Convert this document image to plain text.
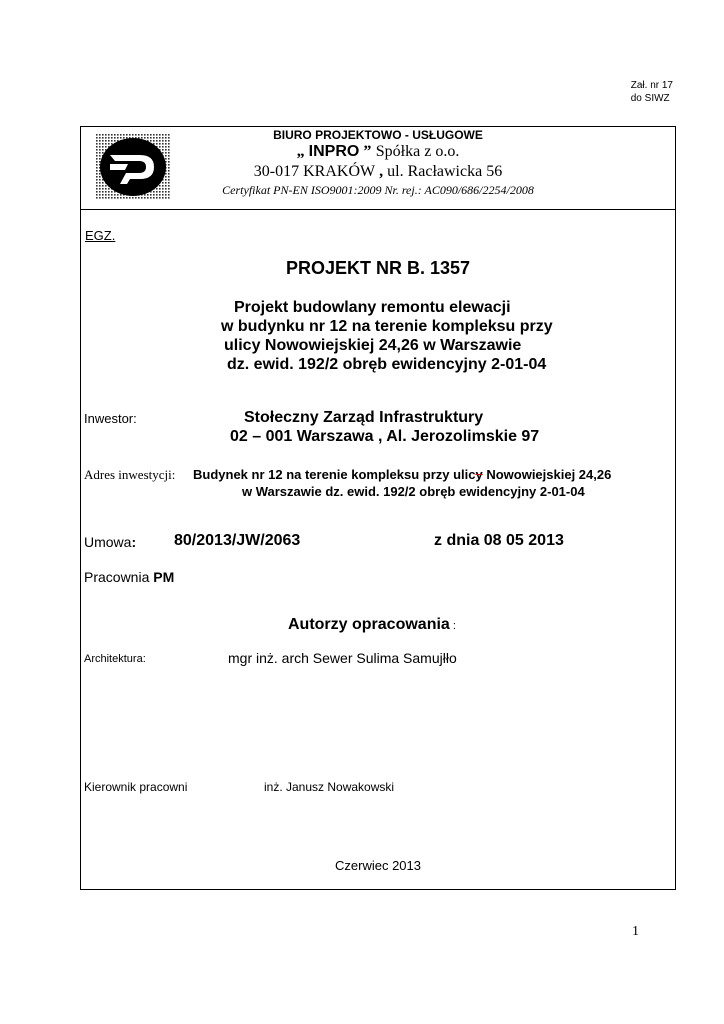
Zał. nr 17
do SIWZ
BIURO PROJEKTOWO - USŁUGOWE
„ INPRO ” Spółka z o.o.
30-017 KRAKÓW , ul. Racławicka 56
Certyfikat PN-EN ISO9001:2009 Nr. rej.: AC090/686/2254/2008
EGZ.
PROJEKT NR B. 1357
Projekt budowlany remontu elewacji
w budynku nr 12 na terenie kompleksu przy
ulicy Nowowiejskiej 24,26 w Warszawie
dz. ewid. 192/2 obręb ewidencyjny 2-01-04
Inwestor:	Stołeczny Zarząd Infrastruktury
02 – 001 Warszawa , Al. Jerozolimskie 97
Adres inwestycji: Budynek nr 12 na terenie kompleksu przy ulicy Nowowiejskiej 24,26
w Warszawie dz. ewid. 192/2 obręb ewidencyjny 2-01-04
Umowa: 80/2013/JW/2063	z dnia 08 05 2013
Pracownia PM
Autorzy opracowania :
Architektura:	mgr inż. arch Sewer Sulima Samujłło
Kierownik pracowni	inż. Janusz Nowakowski
Czerwiec 2013
1
